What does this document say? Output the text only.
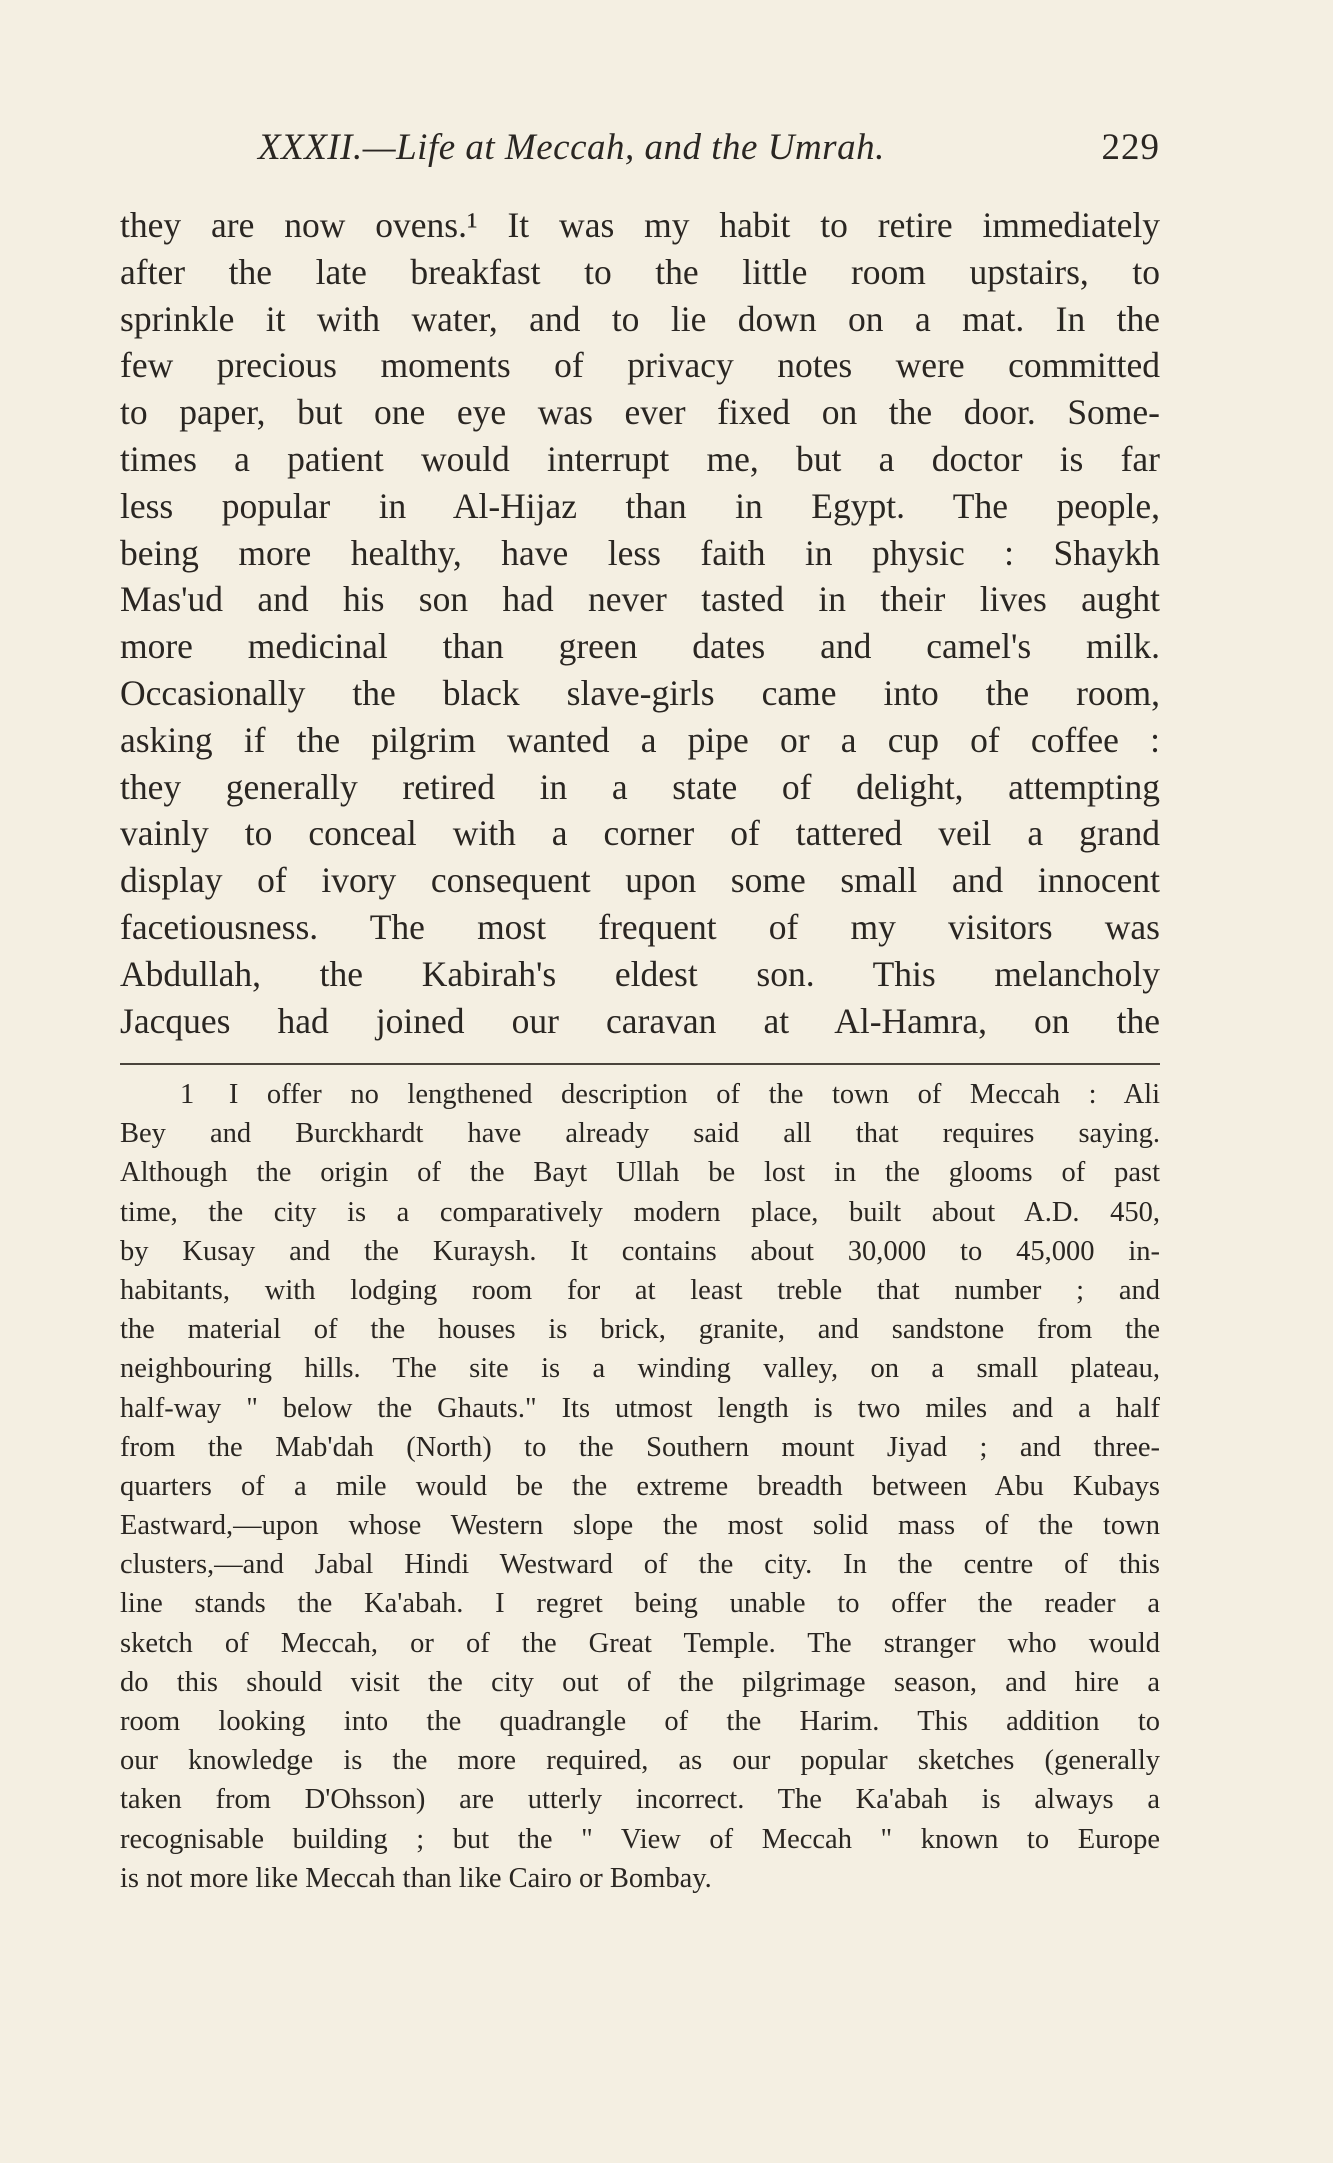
XXXII.—Life at Meccah, and the Umrah.	229
they are now ovens.¹ It was my habit to retire immediately
after the late breakfast to the little room upstairs, to
sprinkle it with water, and to lie down on a mat. In the
few precious moments of privacy notes were committed
to paper, but one eye was ever fixed on the door. Some-
times a patient would interrupt me, but a doctor is far
less popular in Al-Hijaz than in Egypt. The people,
being more healthy, have less faith in physic : Shaykh
Mas'ud and his son had never tasted in their lives aught
more medicinal than green dates and camel's milk.
Occasionally the black slave-girls came into the room,
asking if the pilgrim wanted a pipe or a cup of coffee :
they generally retired in a state of delight, attempting
vainly to conceal with a corner of tattered veil a grand
display of ivory consequent upon some small and innocent
facetiousness. The most frequent of my visitors was
Abdullah, the Kabirah's eldest son. This melancholy
Jacques had joined our caravan at Al-Hamra, on the
1 I offer no lengthened description of the town of Meccah : Ali
Bey and Burckhardt have already said all that requires saying.
Although the origin of the Bayt Ullah be lost in the glooms of past
time, the city is a comparatively modern place, built about A.D. 450,
by Kusay and the Kuraysh. It contains about 30,000 to 45,000 in-
habitants, with lodging room for at least treble that number ; and
the material of the houses is brick, granite, and sandstone from the
neighbouring hills. The site is a winding valley, on a small plateau,
half-way " below the Ghauts." Its utmost length is two miles and a half
from the Mab'dah (North) to the Southern mount Jiyad ; and three-
quarters of a mile would be the extreme breadth between Abu Kubays
Eastward,—upon whose Western slope the most solid mass of the town
clusters,—and Jabal Hindi Westward of the city. In the centre of this
line stands the Ka'abah. I regret being unable to offer the reader a
sketch of Meccah, or of the Great Temple. The stranger who would
do this should visit the city out of the pilgrimage season, and hire a
room looking into the quadrangle of the Harim. This addition to
our knowledge is the more required, as our popular sketches (generally
taken from D'Ohsson) are utterly incorrect. The Ka'abah is always a
recognisable building ; but the " View of Meccah " known to Europe
is not more like Meccah than like Cairo or Bombay.
